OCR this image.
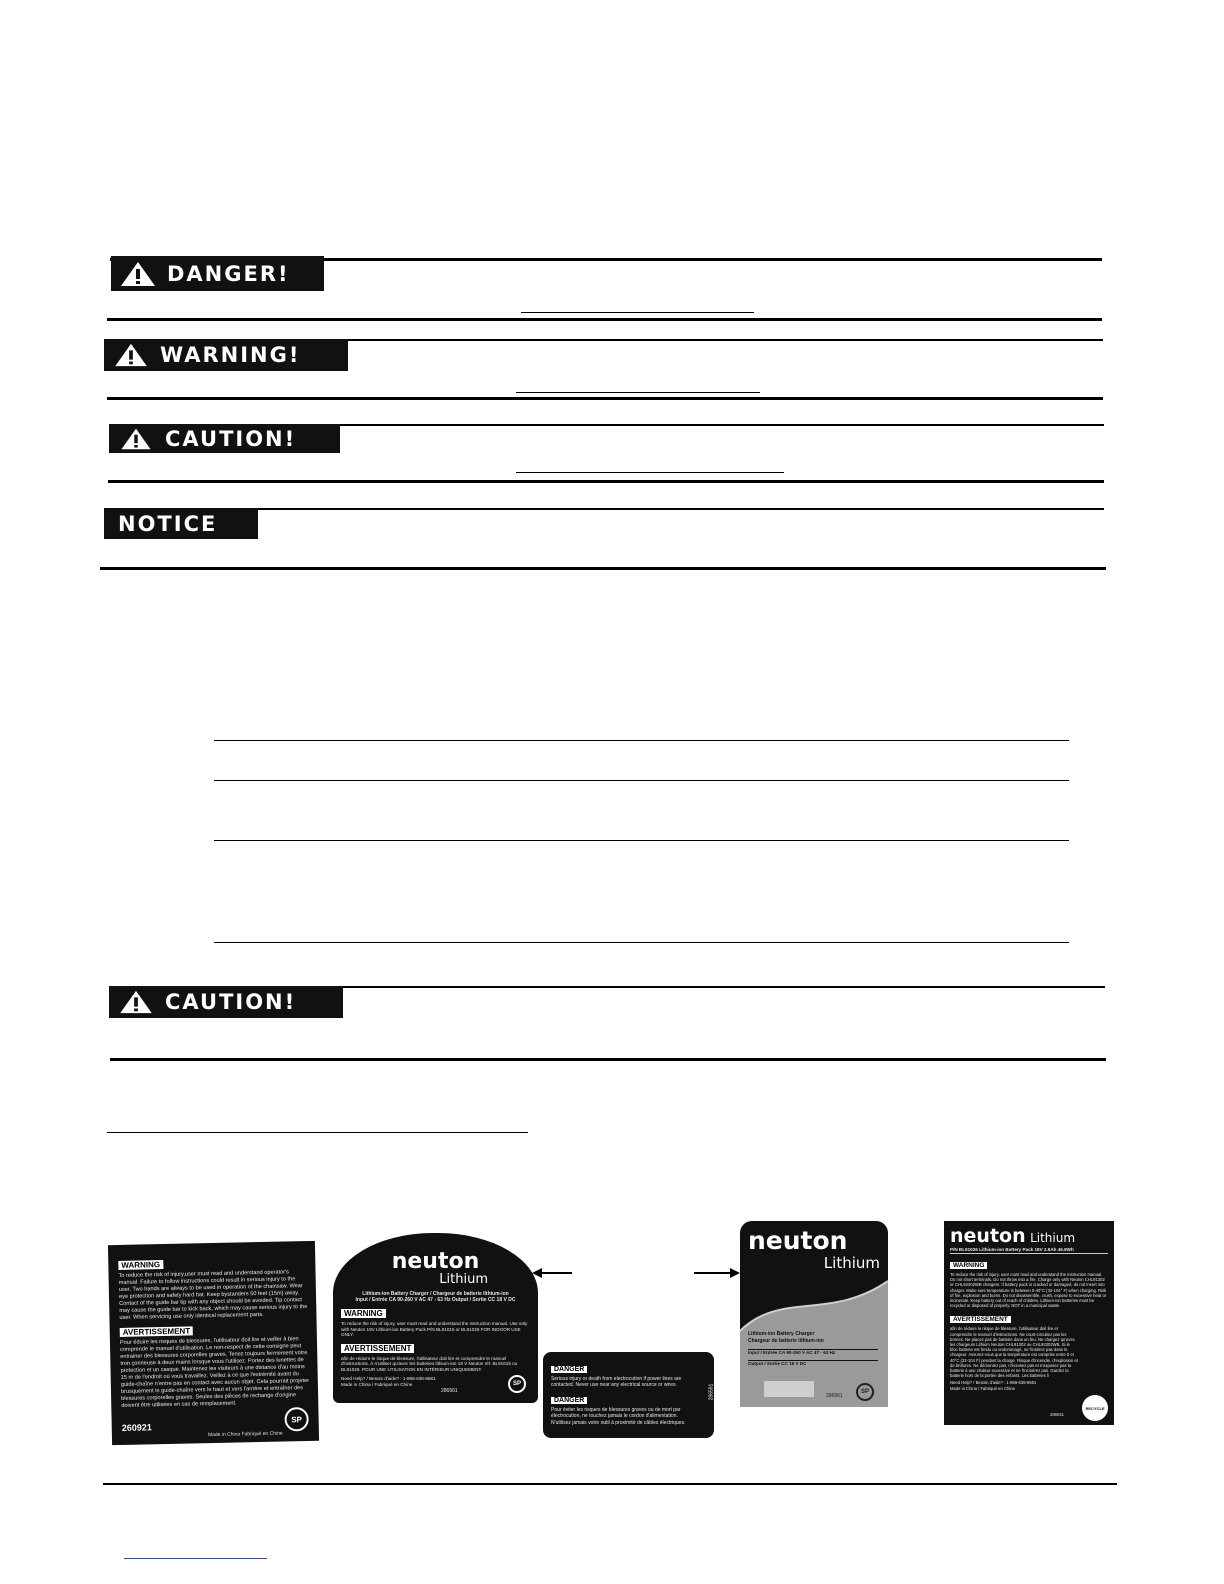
DANGER!
WARNING!
CAUTION!
NOTICE
CAUTION!
WARNING
To reduce the risk of injury,user must read and understand operator's manual. Failure to follow instructions could result in serious injury to the user. Two hands are always to be used in operation of the chainsaw. Wear eye protection and safety hard hat. Keep bystanders 50 feet (15m) away. Contact of the guide bar tip with any object should be avoided. Tip contact may cause the guide bar to kick back, which may cause serious injury to the user. When servicing use only identical replacement parts.
AVERTISSEMENT
Pour éduire les risques de blessures, l'utilisateur doit lire et veiller à bien comprende le manuel d'utilisation. Le non-respect de cette consigne peut entrainer des blessures corporelles graves. Tenez toujours fermement votre tron çonneuse à deux mains lorsque vous l'utilisez. Portez des lunettes de protection et un casque. Maintenez les visiteurs à une distance d'au moins 15 m de l'endroit où vous travaillez. Veillez à ce que l'extrémité avant du guide-chaîne n'entre pas en contact avec aucun objet. Cela pourrait projeter brusquement le guide-chaîne vers le haut et vers l'arrière et entraîner des blessures corporelles graves. Seules des pièces de rechange d'origine doivent être utilisées en cas de remplacement.
260921
Made in China Fabriqué en Chine
SP
neuton
Lithium
Lithium-ion Battery Charger / Chargeur de batterie lithium-ion
Input / Entrée CA 90-260 V AC 47 - 63 Hz Output / Sortie CC 18 V DC
WARNING
To reduce the risk of injury, user must read and understand the instruction manual. Use only with Neuton 18V Lithium-ion Battery Pack P/N BL91015 or BL91026 FOR INDOOR USE ONLY.
AVERTISSEMENT
afin de réduire le risque de blessure, l'utilisateur doit lire et comprendre le manuel d'instructions. À n'utiliser qu'avec les batteries lithium-ion 18 V Neuton réf. BL91015 ou BL91026. POUR UNE UTILISATION EN INTÉRIEUR UNIQUEMENT.
Need Help? / Besoin d'aide? : 1-866-638-8661
Made in China / Fabriqué en Chine
286561
SP
DANGER
Serious injury or death from electrocution if power lines are contacted. Never use near any electrical source or wires.
DANGER
Pour éviter les risques de blessures graves ou de mort par électrocution, ne touchez jamais le cordon d'alimentation. N'utilisez jamais votre outil à proximité de câbles électriques.
286591
neuton
Lithium
Lithium-ion Battery Charger
Chargeur de batterie lithium-ion
Input / Entrée CA 90-260 V AC 47 - 63 Hz
Output / Sortie CC 18 V DC
286561
SP
neuton Lithium
P/N BL91026 Lithium-ion Battery Pack 18V 2.6Ah 46.8Wh
WARNING
To reduce the risk of injury, user must read and understand the instruction manual. Do not short terminals. Do not throw into a fire. Charge only with Neuton CHL91302 or CHL92302WB chargers. If battery pack is cracked or damaged, do not insert into charger. Make sure temperature is between 0-40°C (32-104° F) when charging. Risk of fire, explosion and burns. Do not disassemble, crush, expose to excessive heat or incinerate. Keep battery out of reach of children. Lithium-ion batteries must be recycled or disposed of properly. NOT in a municipal waste.
AVERTISSEMENT
afin de réduire le risque de blessure, l'utilisateur doit lire et comprendre le manuel d'instructions. Ne court-circuitez pas les bornes. Ne placez pas de batterie dans un feu. Ne chargez qu'avec les chargeurs Lithium Neuton CHL91302 ou CHL92302WB. Si le bloc batterie est fendu ou endommagé, ne l'insérez pas dans le chargeur. Assurez-vous que la température est comprise entre 0 et 40°C (32-104 F) pendant la charge. Risque d'incendie, d'explosion et de brûlures. Ne démontez pas, n'écrasez pas et n'exposez pas la batterie à une chaleur excessive et ne l'incinérez pas. Gardez la batterie hors de la portée des enfants. Les batteries li
Need Help? / Besoin d'aide? : 1-866-638-8661
Made in China / Fabriqué en Chine
286041
RECYCLE
